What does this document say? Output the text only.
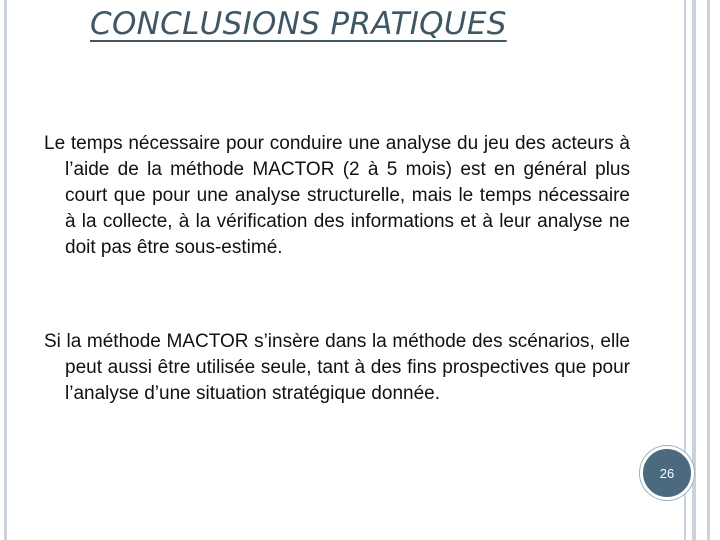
CONCLUSIONS PRATIQUES

Le temps nécessaire pour conduire une analyse du jeu des acteurs à l’aide de la méthode MACTOR (2 à 5 mois) est en général plus court que pour une analyse structurelle, mais le temps nécessaire à la collecte, à la vérification des informations et à leur analyse ne doit pas être sous-estimé.

Si la méthode MACTOR s’insère dans la méthode des scénarios, elle peut aussi être utilisée seule, tant à des fins prospectives que pour l’analyse d’une situation stratégique donnée.

26
